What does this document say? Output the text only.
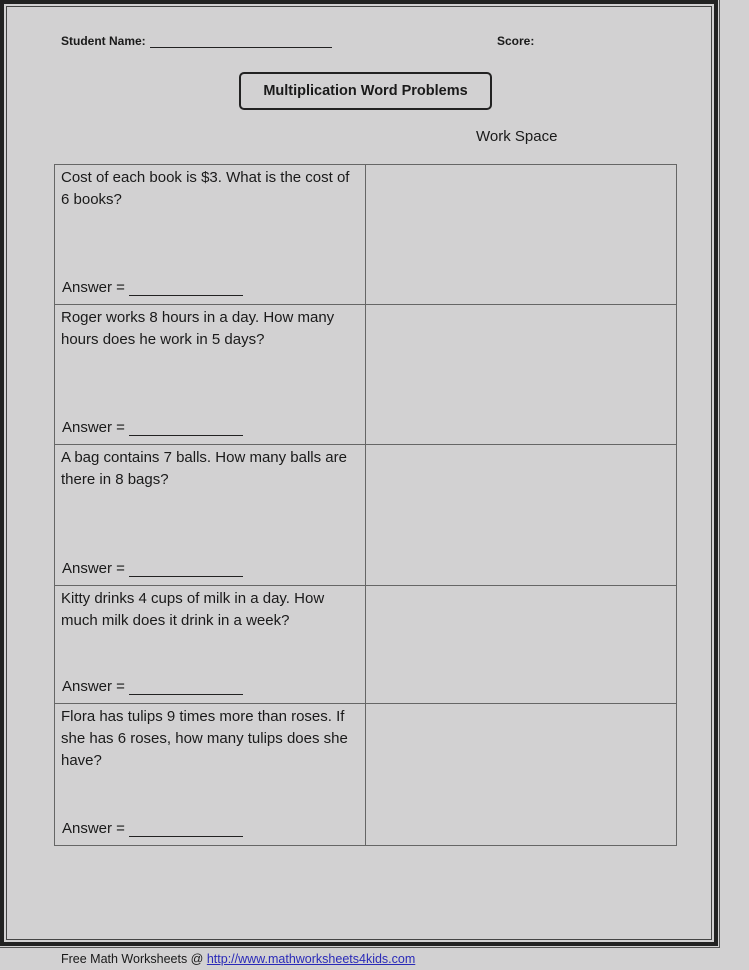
Student Name:	Score:
Multiplication Word Problems
Work Space
Cost of each book is $3. What is the cost of 6 books?
Answer =	

Roger works 8 hours in a day. How many hours does he work in 5 days?
Answer =	

A bag contains 7 balls. How many balls are there in 8 bags?
Answer =	

Kitty drinks 4 cups of milk in a day. How much milk does it drink in a week?
Answer =	

Flora has tulips 9 times more than roses. If she has 6 roses, how many tulips does she have?
Answer =	

Free Math Worksheets @ http://www.mathworksheets4kids.com
